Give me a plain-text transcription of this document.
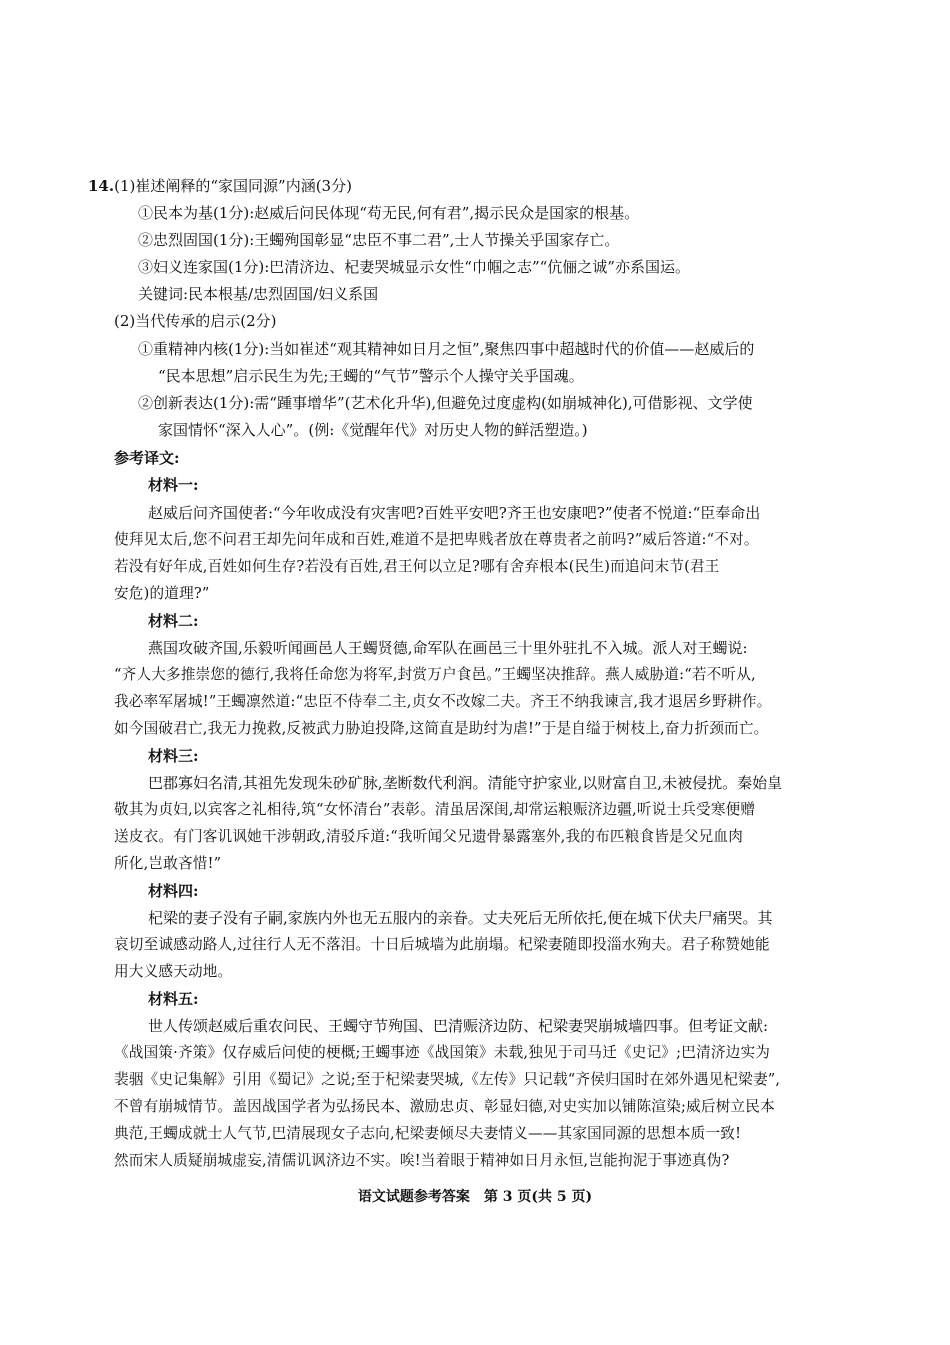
14.(1)崔述阐释的“家国同源”内涵(3分)
①民本为基(1分):赵威后问民体现“苟无民,何有君”,揭示民众是国家的根基。
②忠烈固国(1分):王蠋殉国彰显“忠臣不事二君”,士人节操关乎国家存亡。
③妇义连家国(1分):巴清济边、杞妻哭城显示女性“巾帼之志”“伉俪之诚”亦系国运。
关键词:民本根基/忠烈固国/妇义系国
(2)当代传承的启示(2分)
①重精神内核(1分):当如崔述“观其精神如日月之恒”,聚焦四事中超越时代的价值——赵威后的
“民本思想”启示民生为先;王蠋的“气节”警示个人操守关乎国魂。
②创新表达(1分):需“踵事增华”(艺术化升华),但避免过度虚构(如崩城神化),可借影视、文学使
家国情怀“深入人心”。(例:《觉醒年代》对历史人物的鲜活塑造。)
参考译文:
材料一:
赵威后问齐国使者:“今年收成没有灾害吧?百姓平安吧?齐王也安康吧?”使者不悦道:“臣奉命出
使拜见太后,您不问君王却先问年成和百姓,难道不是把卑贱者放在尊贵者之前吗?”威后答道:“不对。
若没有好年成,百姓如何生存?若没有百姓,君王何以立足?哪有舍弃根本(民生)而追问末节(君王
安危)的道理?”
材料二:
燕国攻破齐国,乐毅听闻画邑人王蠋贤德,命军队在画邑三十里外驻扎不入城。派人对王蠋说:
“齐人大多推崇您的德行,我将任命您为将军,封赏万户食邑。”王蠋坚决推辞。燕人威胁道:“若不听从,
我必率军屠城!”王蠋凛然道:“忠臣不侍奉二主,贞女不改嫁二夫。齐王不纳我谏言,我才退居乡野耕作。
如今国破君亡,我无力挽救,反被武力胁迫投降,这简直是助纣为虐!”于是自缢于树枝上,奋力折颈而亡。
材料三:
巴郡寡妇名清,其祖先发现朱砂矿脉,垄断数代利润。清能守护家业,以财富自卫,未被侵扰。秦始皇
敬其为贞妇,以宾客之礼相待,筑“女怀清台”表彰。清虽居深闺,却常运粮赈济边疆,听说士兵受寒便赠
送皮衣。有门客讥讽她干涉朝政,清驳斥道:“我听闻父兄遗骨暴露塞外,我的布匹粮食皆是父兄血肉
所化,岂敢吝惜!”
材料四:
杞梁的妻子没有子嗣,家族内外也无五服内的亲眷。丈夫死后无所依托,便在城下伏夫尸痛哭。其
哀切至诚感动路人,过往行人无不落泪。十日后城墙为此崩塌。杞梁妻随即投淄水殉夫。君子称赞她能
用大义感天动地。
材料五:
世人传颂赵威后重农问民、王蠋守节殉国、巴清赈济边防、杞梁妻哭崩城墙四事。但考证文献:
《战国策·齐策》仅存威后问使的梗概;王蠋事迹《战国策》未载,独见于司马迁《史记》;巴清济边实为
裴骃《史记集解》引用《蜀记》之说;至于杞梁妻哭城,《左传》只记载“齐侯归国时在郊外遇见杞梁妻”,
不曾有崩城情节。盖因战国学者为弘扬民本、激励忠贞、彰显妇德,对史实加以铺陈渲染;威后树立民本
典范,王蠋成就士人气节,巴清展现女子志向,杞梁妻倾尽夫妻情义——其家国同源的思想本质一致!
然而宋人质疑崩城虚妄,清儒讥讽济边不实。唉!当着眼于精神如日月永恒,岂能拘泥于事迹真伪?
语文试题参考答案　第 3 页(共 5 页)
